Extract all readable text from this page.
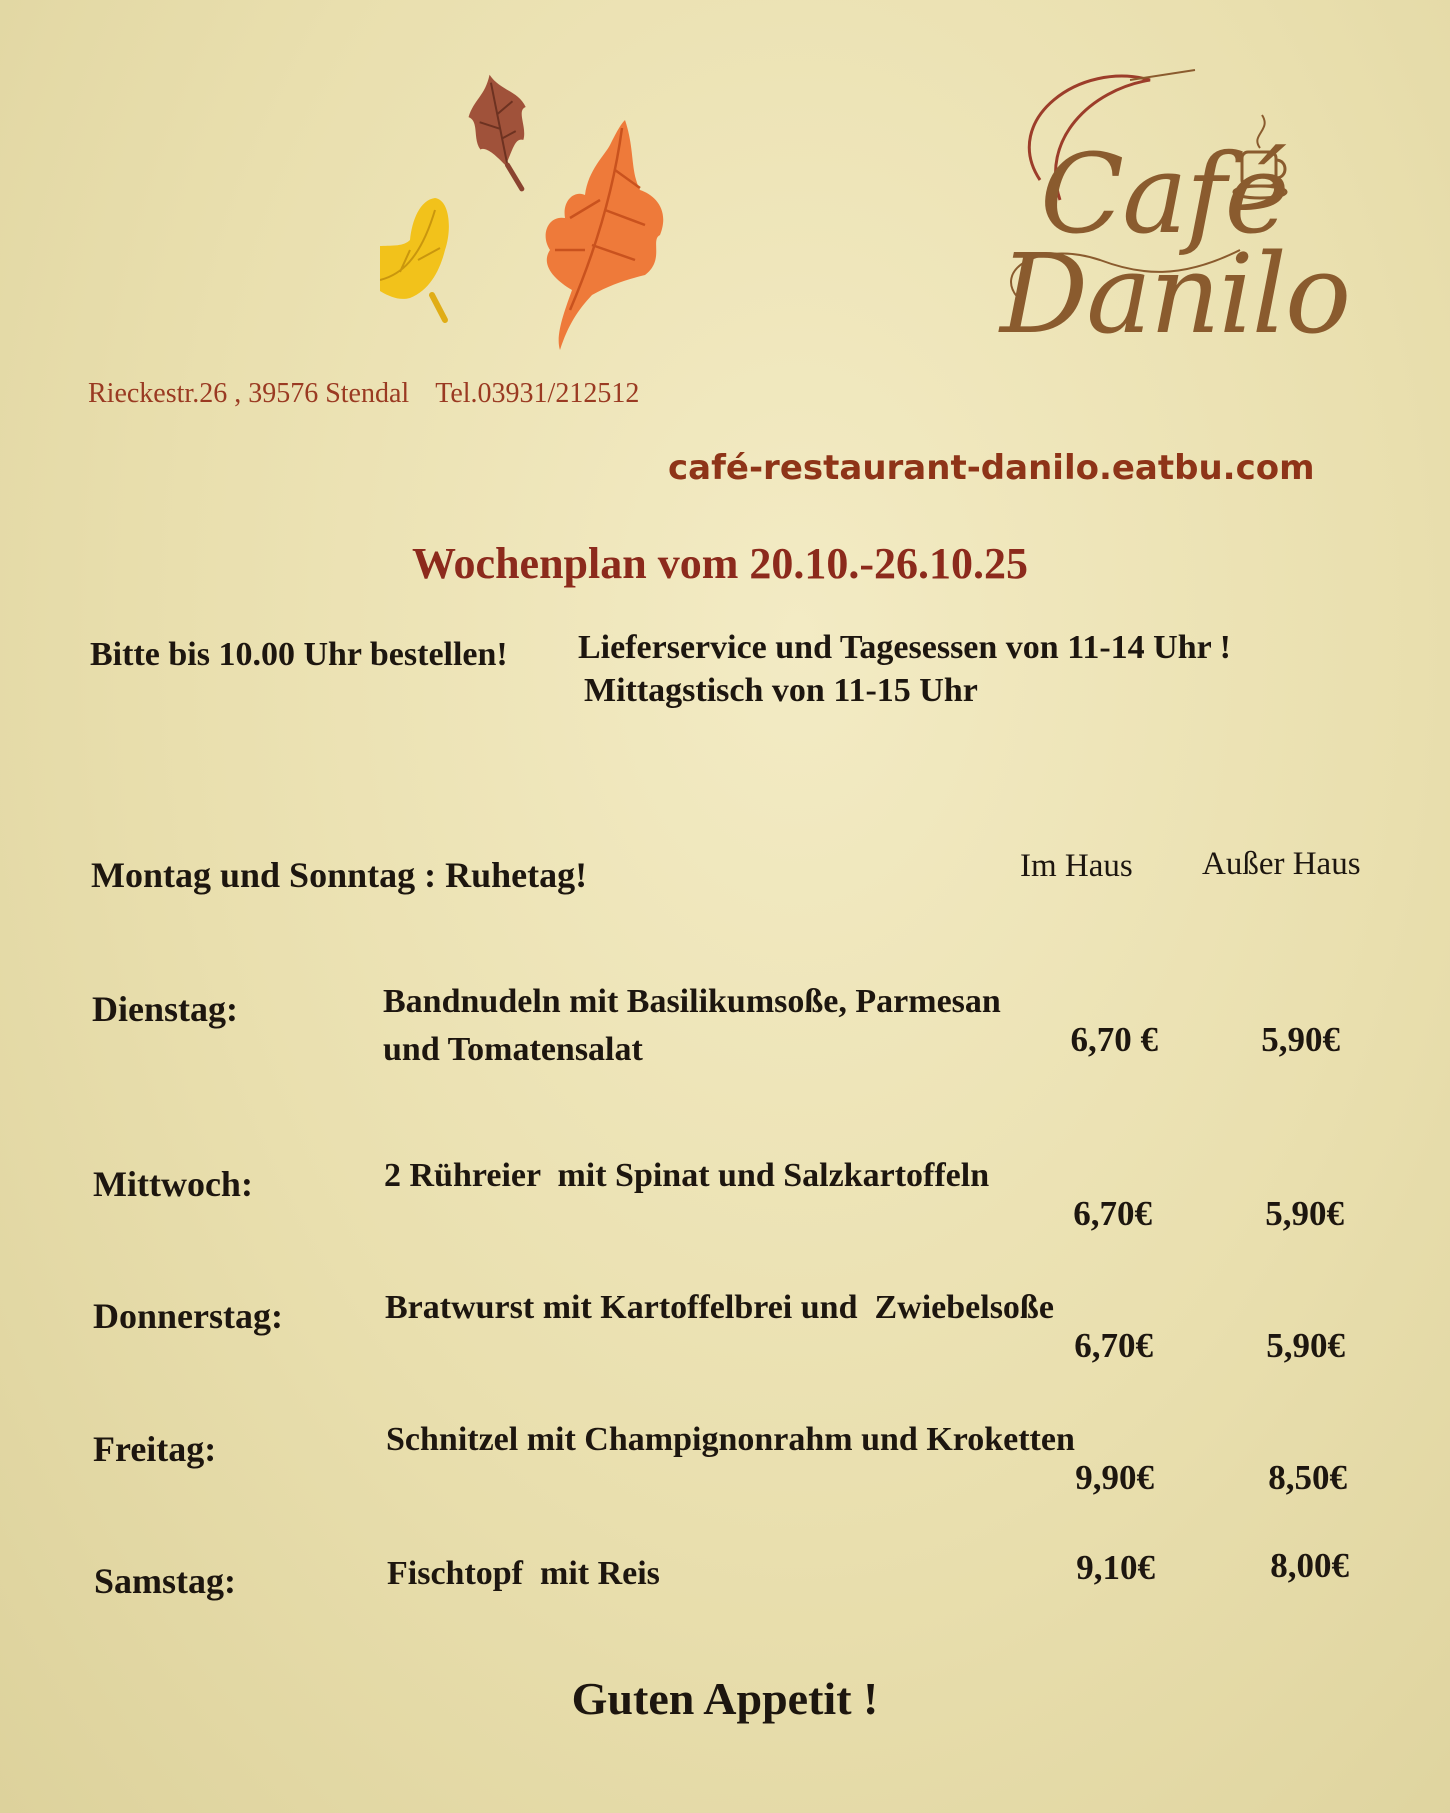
Café
Danilo
Rieckestr.26 , 39576 Stendal Tel.03931/212512
café-restaurant-danilo.eatbu.com
Wochenplan vom 20.10.-26.10.25
Bitte bis 10.00 Uhr bestellen! Lieferservice und Tagesessen von 11-14 Uhr !
Mittagstisch von 11-15 Uhr
Montag und Sonntag : Ruhetag!	Im Haus Außer Haus
Dienstag:	Bandnudeln mit Basilikumsoße, Parmesan
und Tomatensalat	6,70 €	5,90€
Mittwoch:	2 Rühreier  mit Spinat und Salzkartoffeln
6,70€	5,90€
Donnerstag:	Bratwurst mit Kartoffelbrei und  Zwiebelsoße
6,70€	5,90€
Freitag:	Schnitzel mit Champignonrahm und Kroketten
9,90€	8,50€
Samstag:	Fischtopf  mit Reis	9,10€	8,00€
Guten Appetit !
